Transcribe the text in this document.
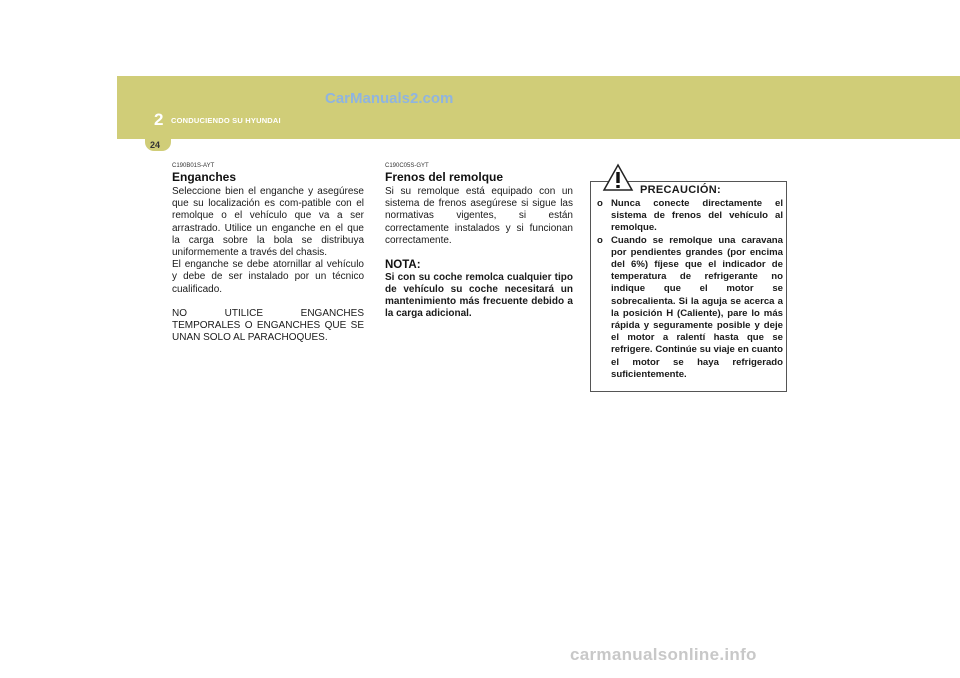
2 CONDUCIENDO SU HYUNDAI
CarManuals2.com
24
C190B01S-AYT
Enganches

Seleccione bien el enganche y asegúrese que su localización es com-patible con el remolque o el vehículo que va a ser arrastrado. Utilice un enganche en el que la carga sobre la bola se distribuya uniformemente a través del chasis.

El enganche se debe atornillar al vehículo y debe de ser instalado por un técnico cualificado.

NO UTILICE ENGANCHES TEMPORALES O ENGANCHES QUE SE UNAN SOLO AL PARACHOQUES.

C190C05S-GYT
Frenos del remolque

Si su remolque está equipado con un sistema de frenos asegúrese si sigue las normativas vigentes, si están correctamente instalados y si funcionan correctamente.

NOTA:

Si con su coche remolca cualquier tipo de vehículo su coche necesitará un mantenimiento más frecuente debido a la carga adicional.

PRECAUCIÓN:
o Nunca conecte directamente el sistema de frenos del vehículo al remolque.
o Cuando se remolque una caravana por pendientes grandes (por encima del 6%) fíjese que el indicador de temperatura de refrigerante no indique que el motor se sobrecalienta. Si la aguja se acerca a la posición H (Caliente), pare lo más rápida y seguramente posible y deje el motor a ralentí hasta que se refrigere. Continúe su viaje en cuanto el motor se haya refrigerado suficientemente.
carmanualsonline.info
